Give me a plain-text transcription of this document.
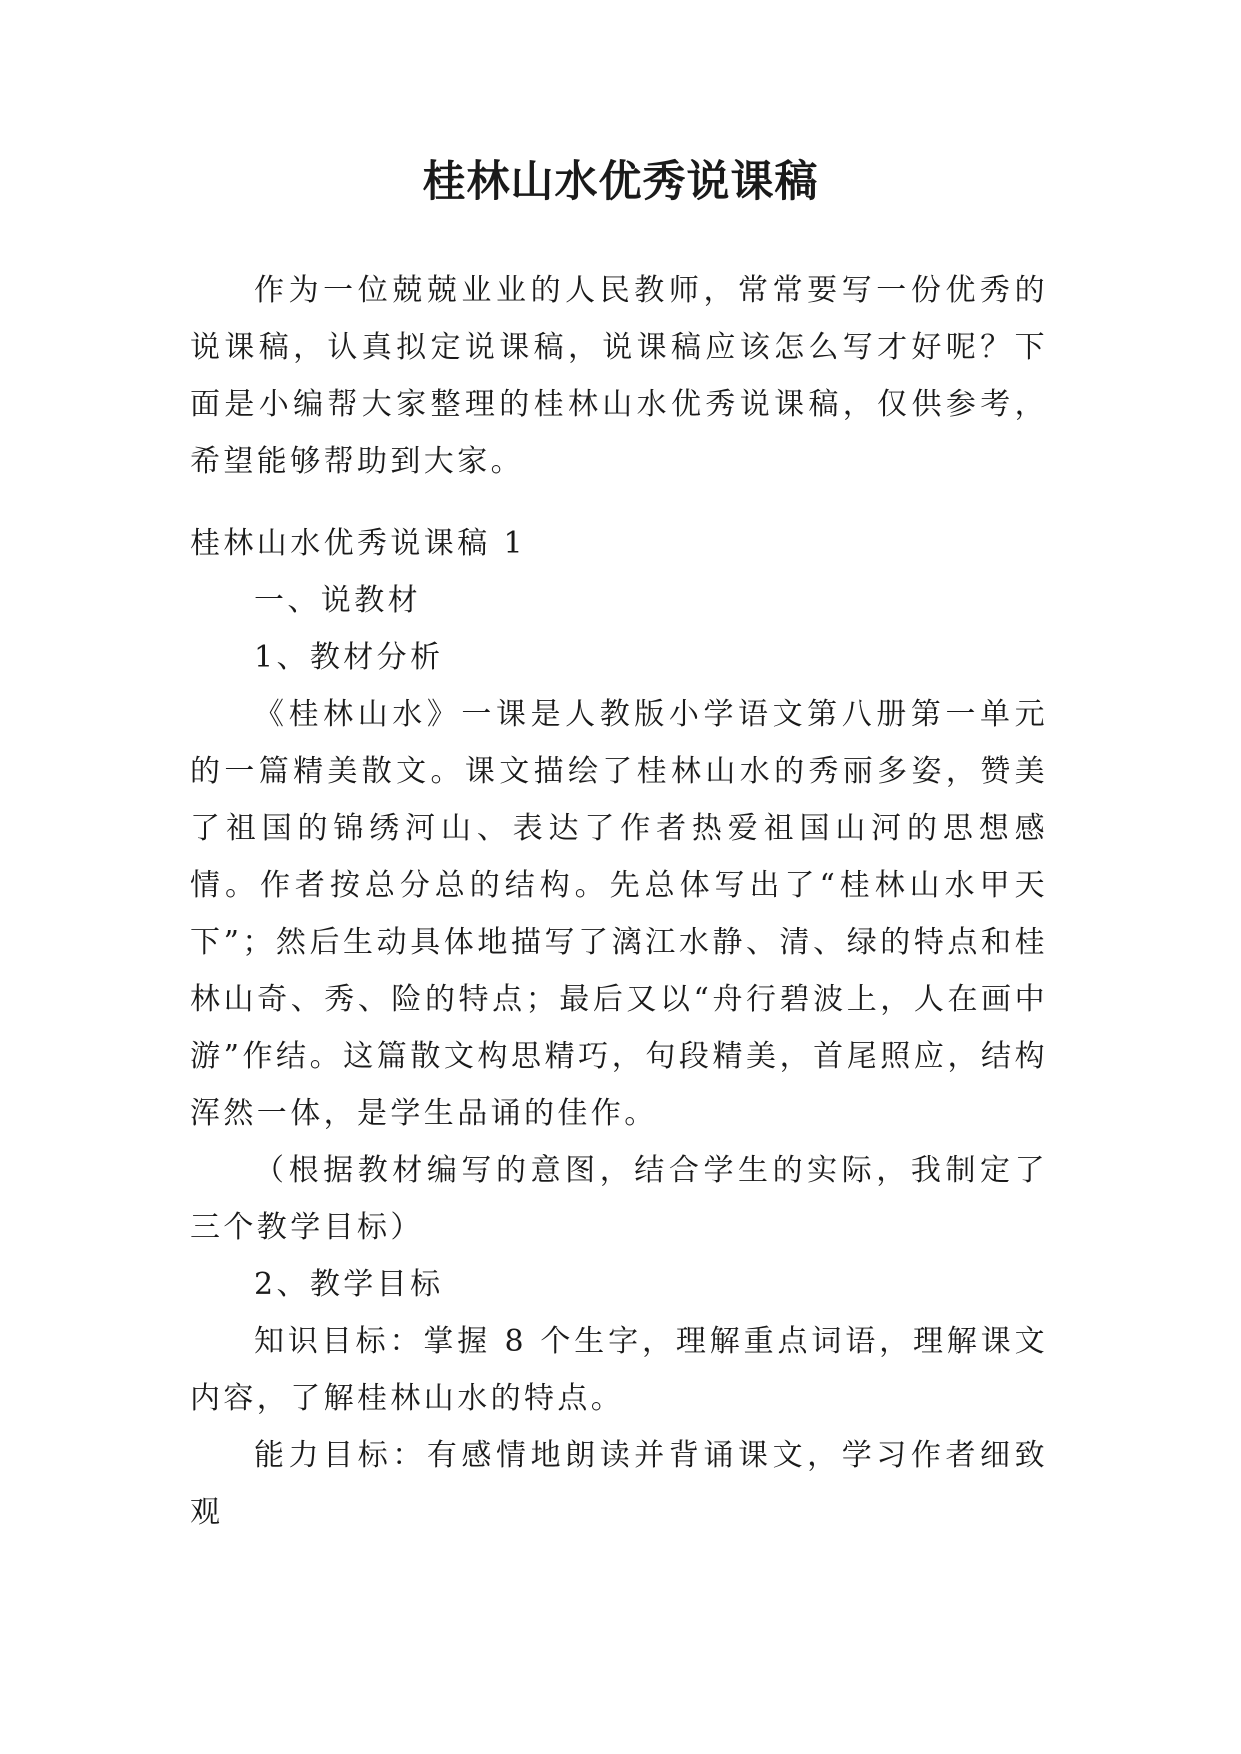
桂林山水优秀说课稿

作为一位兢兢业业的人民教师，常常要写一份优秀的说课稿，认真拟定说课稿，说课稿应该怎么写才好呢？下面是小编帮大家整理的桂林山水优秀说课稿，仅供参考，希望能够帮助到大家。

桂林山水优秀说课稿 1

一、说教材

1、教材分析

《桂林山水》一课是人教版小学语文第八册第一单元的一篇精美散文。课文描绘了桂林山水的秀丽多姿，赞美了祖国的锦绣河山、表达了作者热爱祖国山河的思想感情。作者按总分总的结构。先总体写出了“桂林山水甲天下”；然后生动具体地描写了漓江水静、清、绿的特点和桂林山奇、秀、险的特点；最后又以“舟行碧波上，人在画中游”作结。这篇散文构思精巧，句段精美，首尾照应，结构浑然一体，是学生品诵的佳作。

（根据教材编写的意图，结合学生的实际，我制定了三个教学目标）

2、教学目标

知识目标：掌握 8 个生字，理解重点词语，理解课文内容，了解桂林山水的特点。

能力目标：有感情地朗读并背诵课文，学习作者细致观
